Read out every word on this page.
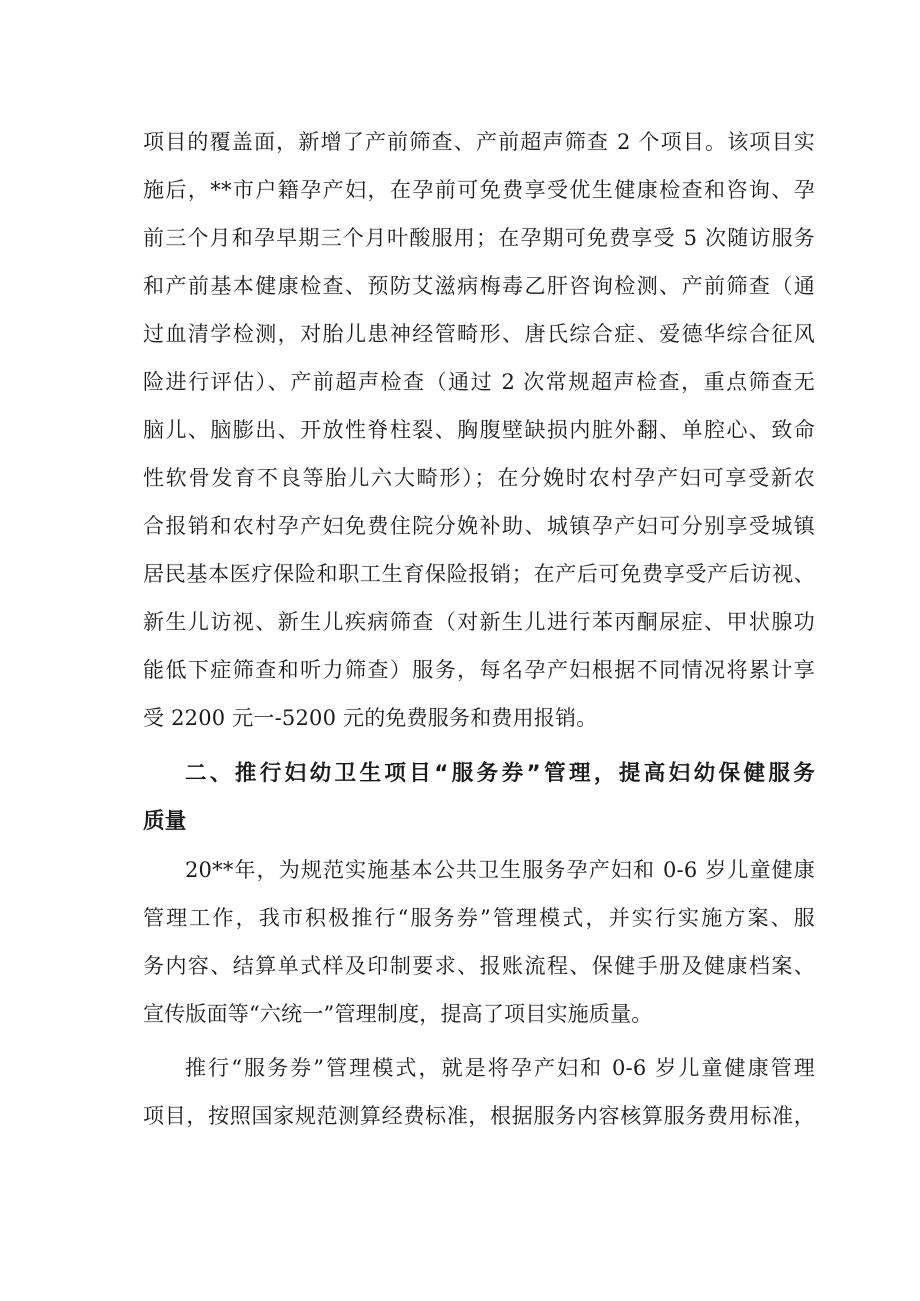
项目的覆盖面，新增了产前筛查、产前超声筛查 2 个项目。该项目实
施后，**市户籍孕产妇，在孕前可免费享受优生健康检查和咨询、孕
前三个月和孕早期三个月叶酸服用；在孕期可免费享受 5 次随访服务
和产前基本健康检查、预防艾滋病梅毒乙肝咨询检测、产前筛查（通
过血清学检测，对胎儿患神经管畸形、唐氏综合症、爱德华综合征风
险进行评估）、产前超声检查（通过 2 次常规超声检查，重点筛查无
脑儿、脑膨出、开放性脊柱裂、胸腹壁缺损内脏外翻、单腔心、致命
性软骨发育不良等胎儿六大畸形）；在分娩时农村孕产妇可享受新农
合报销和农村孕产妇免费住院分娩补助、城镇孕产妇可分别享受城镇
居民基本医疗保险和职工生育保险报销；在产后可免费享受产后访视、
新生儿访视、新生儿疾病筛查（对新生儿进行苯丙酮尿症、甲状腺功
能低下症筛查和听力筛查）服务，每名孕产妇根据不同情况将累计享
受 2200 元一-5200 元的免费服务和费用报销。
二、推行妇幼卫生项目“服务券”管理，提高妇幼保健服务
质量
20**年，为规范实施基本公共卫生服务孕产妇和 0-6 岁儿童健康
管理工作，我市积极推行“服务券”管理模式，并实行实施方案、服
务内容、结算单式样及印制要求、报账流程、保健手册及健康档案、
宣传版面等“六统一”管理制度，提高了项目实施质量。
推行“服务券”管理模式，就是将孕产妇和 0-6 岁儿童健康管理
项目，按照国家规范测算经费标准，根据服务内容核算服务费用标准，
